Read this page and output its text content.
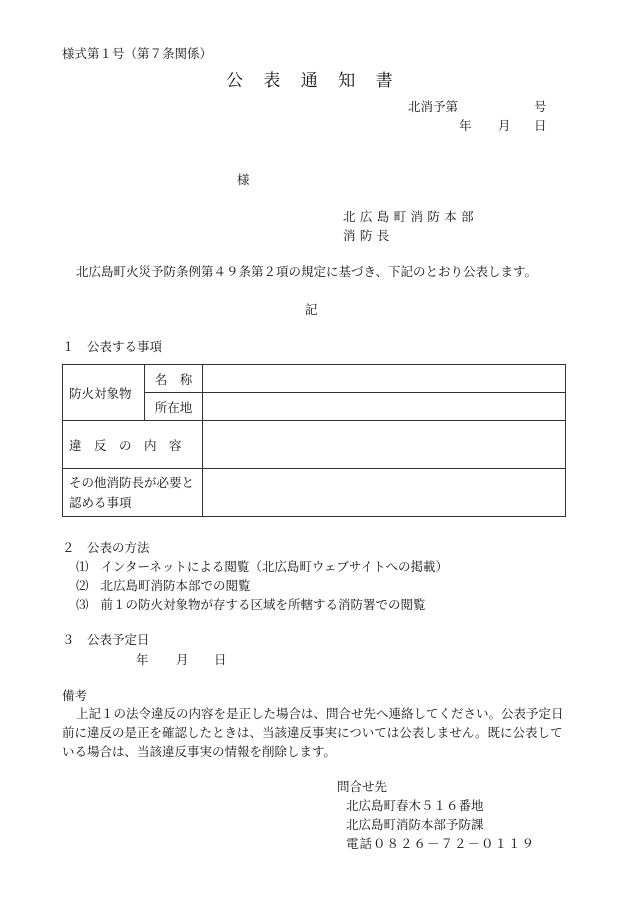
様式第１号（第７条関係）
公　表　通　知　書
北消予第	号
年 月 日
様
北広島町消防本部
消防長
北広島町火災予防条例第４９条第２項の規定に基づき、下記のとおり公表します。
記
１　公表する事項
防火対象物	名　称	
	所在地	
違　反　の　内　容		

その他消防長が必要と
認める事項		

２　公表の方法
⑴ インターネットによる閲覧（北広島町ウェブサイトへの掲載）
⑵ 北広島町消防本部での閲覧
⑶ 前１の防火対象物が存する区域を所轄する消防署での閲覧
３　公表予定日
年 月 日
備考
上記１の法令違反の内容を是正した場合は、問合せ先へ連絡してください。公表予定日
前に違反の是正を確認したときは、当該違反事実については公表しません。既に公表して
いる場合は、当該違反事実の情報を削除します。
問合せ先
北広島町春木５１６番地
北広島町消防本部予防課
電話０８２６－７２－０１１９
